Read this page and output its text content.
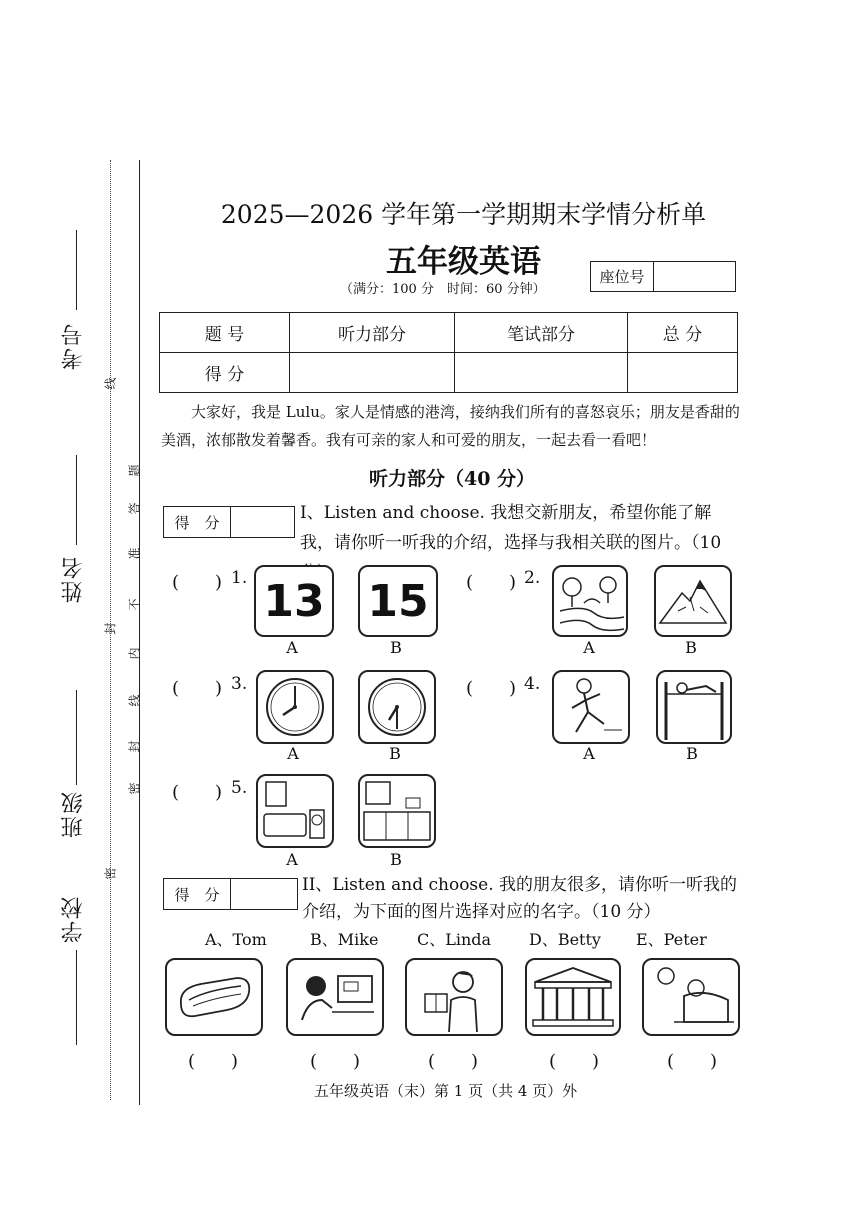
考号
姓名
班级
学校
线
封
密
题
答
准
不
内
线
封
密
2025—2026 学年第一学期期末学情分析单
五年级英语
（满分：100 分　时间：60 分钟）
座位号
题 号	听力部分	笔试部分	总 分
得 分			
大家好，我是 Lulu。家人是情感的港湾，接纳我们所有的喜怒哀乐；朋友是香甜的美酒，浓郁散发着馨香。我有可亲的家人和可爱的朋友，一起去看一看吧！
听力部分（40 分）
得　分	I、Listen and choose. 我想交新朋友，希望你能了解我，请你听一听我的介绍，选择与我相关联的图片。（10
(　　) 1. 13 15
A	B
(　　) 2.
A	B
(　　) 3.
A	B
(　　) 4.
A	B
(　　) 5.
A	B
得　分	II、Listen and choose. 我的朋友很多，请你听一听我的介绍，为下面的图片选择对应的名字。（10 分）
A、Tom	B、Mike C、Linda D、Betty E、Peter
(　　)	(　　)	(　　)	(　　)	(　　)
五年级英语（末）第 1 页（共 4 页）外
